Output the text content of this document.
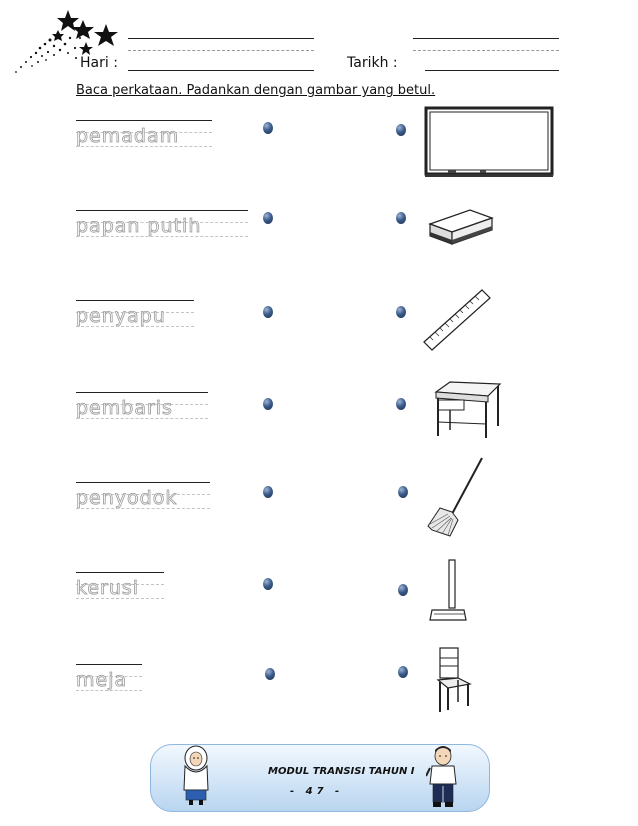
Hari :	Tarikh :
Baca perkataan. Padankan dengan gambar yang betul.
pemadam
papan putih
penyapu
pembaris
penyodok
kerusi
meja
MODUL TRANSISI TAHUN I
- 47 -
